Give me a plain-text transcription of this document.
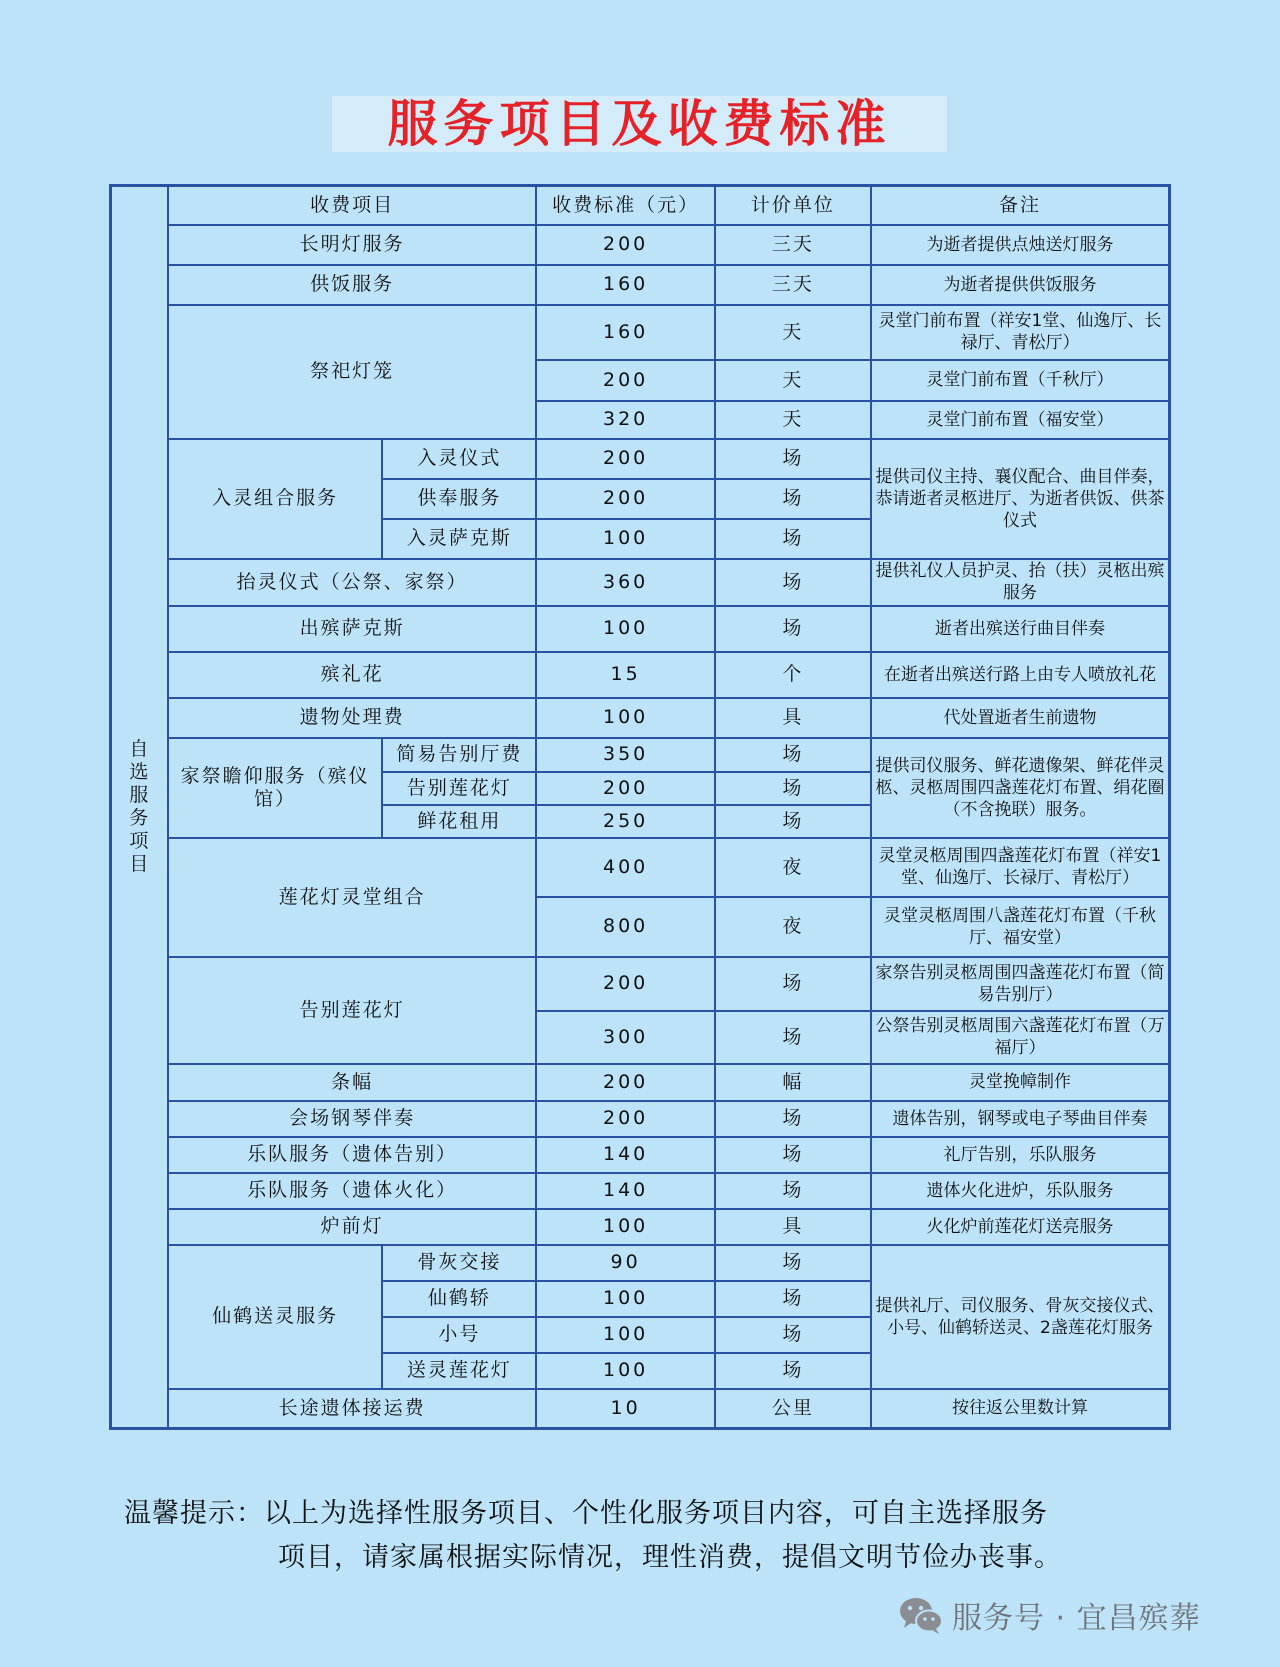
服务项目及收费标准
自选服务项目	收费项目		收费标准（元）	计价单位	备注
	长明灯服务		200	三天	为逝者提供点烛送灯服务
	供饭服务		160	三天	为逝者提供供饭服务
	祭祀灯笼		160	天	灵堂门前布置（祥安1堂、仙逸厅、长禄厅、青松厅）
			200	天	灵堂门前布置（千秋厅）
			320	天	灵堂门前布置（福安堂）
	入灵组合服务	入灵仪式	200	场	提供司仪主持、襄仪配合、曲目伴奏，恭请逝者灵柩进厅、为逝者供饭、供茶仪式
		供奉服务	200	场	
		入灵萨克斯	100	场	
	抬灵仪式（公祭、家祭）		360	场	提供礼仪人员护灵、抬（扶）灵柩出殡服务
	出殡萨克斯		100	场	逝者出殡送行曲目伴奏
	殡礼花		15	个	在逝者出殡送行路上由专人喷放礼花
	遗物处理费		100	具	代处置逝者生前遗物
	家祭瞻仰服务（殡仪馆）	简易告别厅费	350	场	提供司仪服务、鲜花遗像架、鲜花伴灵柩、灵柩周围四盏莲花灯布置、绢花圈（不含挽联）服务。
		告别莲花灯	200	场	
		鲜花租用	250	场	
	莲花灯灵堂组合		400	夜	灵堂灵柩周围四盏莲花灯布置（祥安1堂、仙逸厅、长禄厅、青松厅）
			800	夜	灵堂灵柩周围八盏莲花灯布置（千秋厅、福安堂）
	告别莲花灯		200	场	家祭告别灵柩周围四盏莲花灯布置（简易告别厅）
			300	场	公祭告别灵柩周围六盏莲花灯布置（万福厅）
	条幅		200	幅	灵堂挽幛制作
	会场钢琴伴奏		200	场	遗体告别，钢琴或电子琴曲目伴奏
	乐队服务（遗体告别）		140	场	礼厅告别，乐队服务
	乐队服务（遗体火化）		140	场	遗体火化进炉，乐队服务
	炉前灯		100	具	火化炉前莲花灯送亮服务
	仙鹤送灵服务	骨灰交接	90	场	提供礼厅、司仪服务、骨灰交接仪式、小号、仙鹤轿送灵、2盏莲花灯服务
		仙鹤轿	100	场	
		小号	100	场	
		送灵莲花灯	100	场	
	长途遗体接运费		10	公里	按往返公里数计算
温馨提示：以上为选择性服务项目、个性化服务项目内容，可自主选择服务
项目，请家属根据实际情况，理性消费，提倡文明节俭办丧事。
服务号 · 宜昌殡葬
